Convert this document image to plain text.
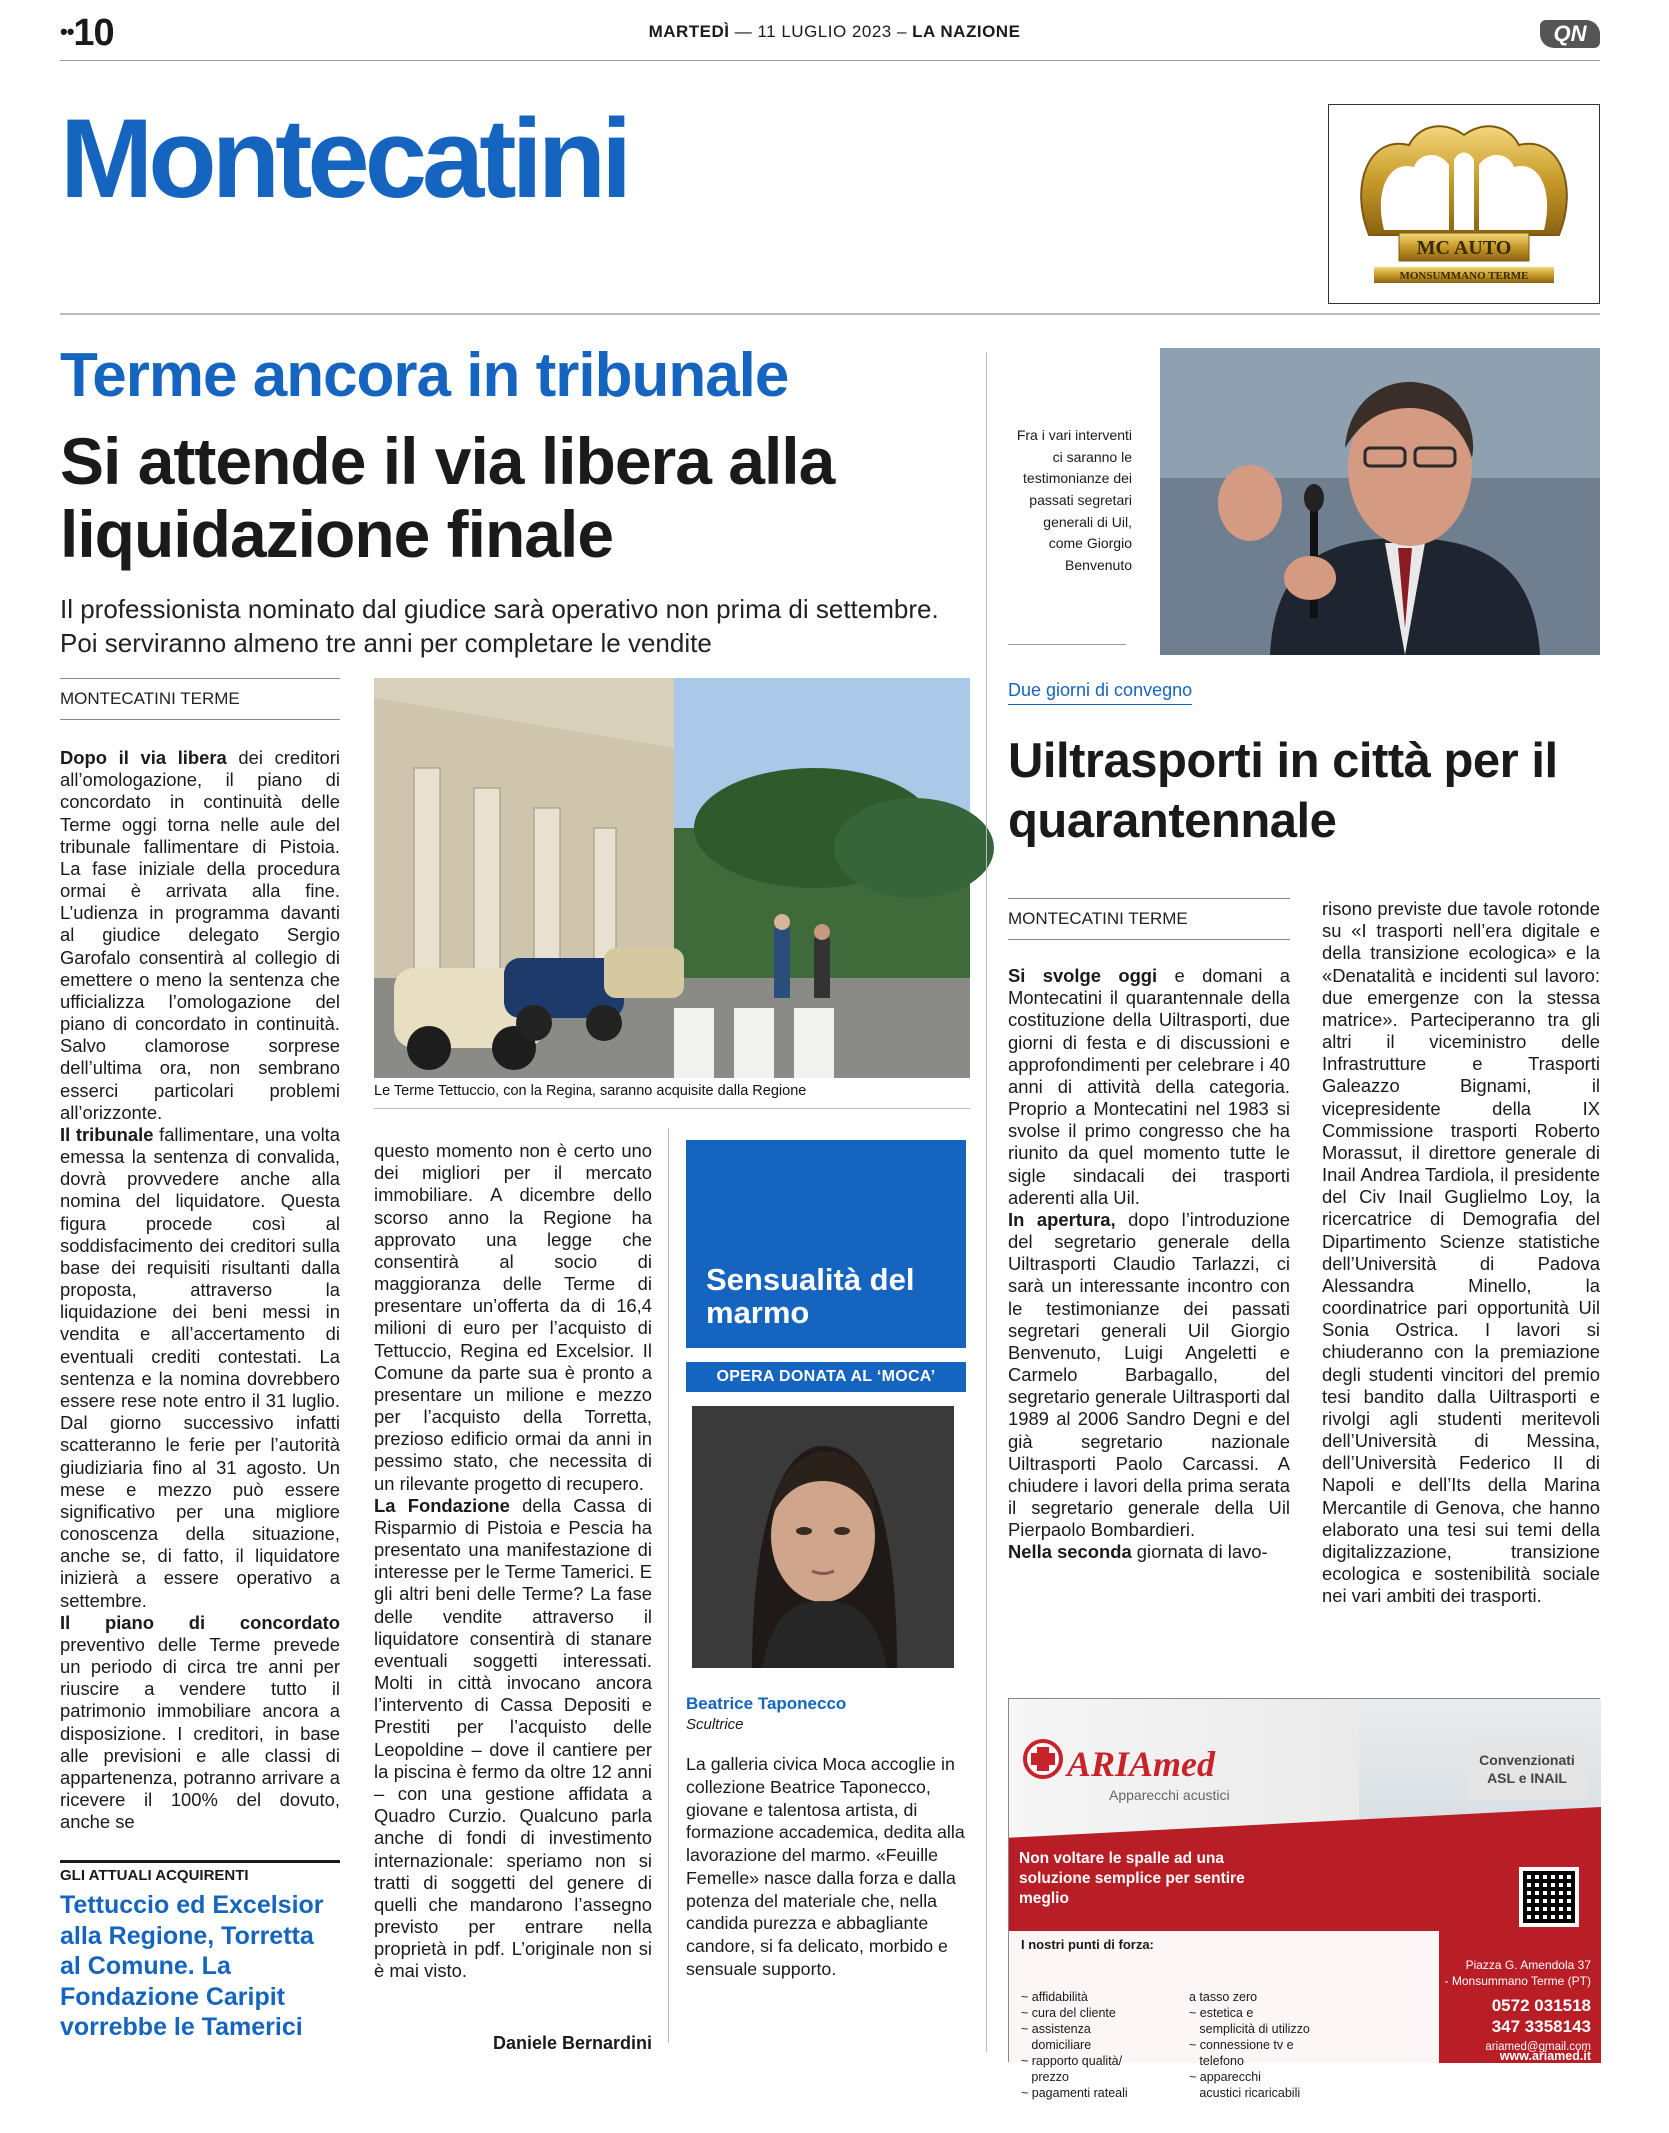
••10	MARTEDÌ — 11 LUGLIO 2023 – LA NAZIONE	QN
Montecatini
MC AUTO
MONSUMMANO TERME
Terme ancora in tribunale
Si attende il via libera alla liquidazione finale
Il professionista nominato dal giudice sarà operativo non prima di settembre. Poi serviranno almeno tre anni per completare le vendite
MONTECATINI TERME

Dopo il via libera dei creditori all’omologazione, il piano di concordato in continuità delle Terme oggi torna nelle aule del tribunale fallimentare di Pistoia. La fase iniziale della procedura ormai è arrivata alla fine. L’udienza in programma davanti al giudice delegato Sergio Garofalo consentirà al collegio di emettere o meno la sentenza che ufficializza l’omologazione del piano di concordato in continuità. Salvo clamorose sorprese dell’ultima ora, non sembrano esserci particolari problemi all’orizzonte.

Il tribunale fallimentare, una volta emessa la sentenza di convalida, dovrà provvedere anche alla nomina del liquidatore. Questa figura procede così al soddisfacimento dei creditori sulla base dei requisiti risultanti dalla proposta, attraverso la liquidazione dei beni messi in vendita e all’accertamento di eventuali crediti contestati. La sentenza e la nomina dovrebbero essere rese note entro il 31 luglio. Dal giorno successivo infatti scatteranno le ferie per l’autorità giudiziaria fino al 31 agosto. Un mese e mezzo può essere significativo per una migliore conoscenza della situazione, anche se, di fatto, il liquidatore inizierà a essere operativo a settembre.

Il piano di concordato preventivo delle Terme prevede un periodo di circa tre anni per riuscire a vendere tutto il patrimonio immobiliare ancora a disposizione. I creditori, in base alle previsioni e alle classi di appartenenza, potranno arrivare a ricevere il 100% del dovuto, anche se

Le Terme Tettuccio, con la Regina, saranno acquisite dalla Regione

questo momento non è certo uno dei migliori per il mercato immobiliare. A dicembre dello scorso anno la Regione ha approvato una legge che consentirà al socio di maggioranza delle Terme di presentare un’offerta da di 16,4 milioni di euro per l’acquisto di Tettuccio, Regina ed Excelsior. Il Comune da parte sua è pronto a presentare un milione e mezzo per l’acquisto della Torretta, prezioso edificio ormai da anni in pessimo stato, che necessita di un rilevante progetto di recupero.

La Fondazione della Cassa di Risparmio di Pistoia e Pescia ha presentato una manifestazione di interesse per le Terme Tamerici. E gli altri beni delle Terme? La fase delle vendite attraverso il liquidatore consentirà di stanare eventuali soggetti interessati. Molti in città invocano ancora l’intervento di Cassa Depositi e Prestiti per l’acquisto delle Leopoldine – dove il cantiere per la piscina è fermo da oltre 12 anni – con una gestione affidata a Quadro Curzio. Qualcuno parla anche di fondi di investimento internazionale: speriamo non si tratti di soggetti del genere di quelli che mandarono l’assegno previsto per entrare nella proprietà in pdf. L’originale non si è mai visto.

Daniele Bernardini
GLI ATTUALI ACQUIRENTI
Tettuccio ed Excelsior alla Regione, Torretta al Comune. La Fondazione Caripit vorrebbe le Tamerici
Sensualità del marmo
OPERA DONATA AL ‘MOCA’
Beatrice Taponecco
Scultrice
La galleria civica Moca accoglie in collezione Beatrice Taponecco, giovane e talentosa artista, di formazione accademica, dedita alla lavorazione del marmo. «Feuille Femelle» nasce dalla forza e dalla potenza del materiale che, nella candida purezza e abbagliante candore, si fa delicato, morbido e sensuale supporto.
Fra i vari interventi ci saranno le testimonianze dei passati segretari generali di Uil, come Giorgio Benvenuto
Due giorni di convegno
Uiltrasporti in città per il quarantennale
MONTECATINI TERME

Si svolge oggi e domani a Montecatini il quarantennale della costituzione della Uiltrasporti, due giorni di festa e di discussioni e approfondimenti per celebrare i 40 anni di attività della categoria. Proprio a Montecatini nel 1983 si svolse il primo congresso che ha riunito da quel momento tutte le sigle sindacali dei trasporti aderenti alla Uil.

In apertura, dopo l’introduzione del segretario generale della Uiltrasporti Claudio Tarlazzi, ci sarà un interessante incontro con le testimonianze dei passati segretari generali Uil Giorgio Benvenuto, Luigi Angeletti e Carmelo Barbagallo, del segretario generale Uiltrasporti dal 1989 al 2006 Sandro Degni e del già segretario nazionale Uiltrasporti Paolo Carcassi. A chiudere i lavori della prima serata il segretario generale della Uil Pierpaolo Bombardieri.

Nella seconda giornata di lavo-

risono previste due tavole rotonde su «I trasporti nell’era digitale e della transizione ecologica» e la «Denatalità e incidenti sul lavoro: due emergenze con la stessa matrice». Parteciperanno tra gli altri il viceministro delle Infrastrutture e Trasporti Galeazzo Bignami, il vicepresidente della IX Commissione trasporti Roberto Morassut, il direttore generale di Inail Andrea Tardiola, il presidente del Civ Inail Guglielmo Loy, la ricercatrice di Demografia del Dipartimento Scienze statistiche dell’Università di Padova Alessandra Minello, la coordinatrice pari opportunità Uil Sonia Ostrica. I lavori si chiuderanno con la premiazione degli studenti vincitori del premio tesi bandito dalla Uiltrasporti e rivolgi agli studenti meritevoli dell’Università di Messina, dell’Università Federico II di Napoli e dell’Its della Marina Mercantile di Genova, che hanno elaborato una tesi sui temi della digitalizzazione, transizione ecologica e sostenibilità sociale nei vari ambiti dei trasporti.
ARIAmed
Apparecchi acustici
Convenzionati
ASL e INAIL
Non voltare le spalle ad una soluzione semplice per sentire meglio
I nostri punti di forza:

~ affidabilità
~ cura del cliente
~ assistenza
domiciliare
~ rapporto qualità/
prezzo
~ pagamenti rateali

a tasso zero
~ estetica e
semplicità di utilizzo
~ connessione tv e
telefono
~ apparecchi
acustici ricaricabili

Piazza G. Amendola 37
- Monsummano Terme (PT)
0572 031518
347 3358143
ariamed@gmail.com
www.ariamed.it
